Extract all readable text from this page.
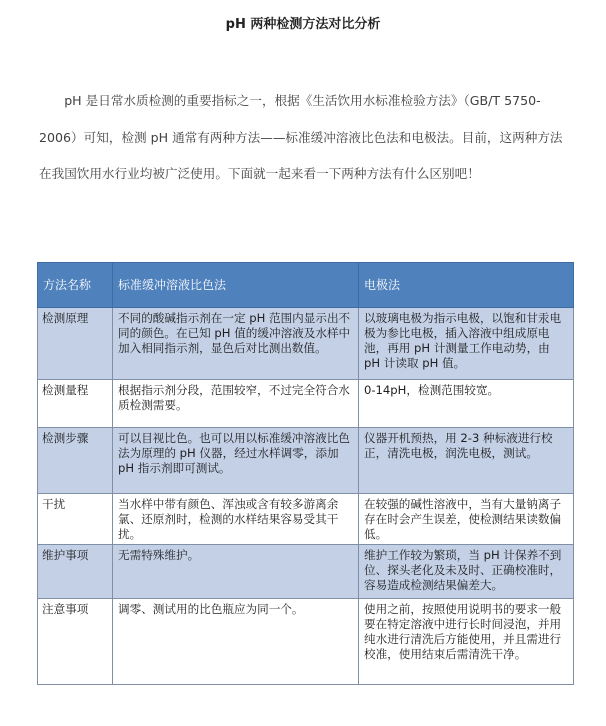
pH 两种检测方法对比分析

pH 是日常水质检测的重要指标之一，根据《生活饮用水标准检验方法》（GB/T 5750-2006）可知，检测 pH 通常有两种方法——标准缓冲溶液比色法和电极法。目前，这两种方法在我国饮用水行业均被广泛使用。下面就一起来看一下两种方法有什么区别吧！

方法名称	标准缓冲溶液比色法	电极法
检测原理	不同的酸碱指示剂在一定 pH 范围内显示出不同的颜色。在已知 pH 值的缓冲溶液及水样中加入相同指示剂，显色后对比测出数值。	以玻璃电极为指示电极，以饱和甘汞电极为参比电极，插入溶液中组成原电池，再用 pH 计测量工作电动势，由 pH 计读取 pH 值。
检测量程	根据指示剂分段，范围较窄，不过完全符合水质检测需要。	0-14pH，检测范围较宽。
检测步骤	可以目视比色。也可以用以标准缓冲溶液比色法为原理的 pH 仪器，经过水样调零，添加 pH 指示剂即可测试。	仪器开机预热，用 2-3 种标液进行校正，清洗电极，润洗电极，测试。
干扰	当水样中带有颜色、浑浊或含有较多游离余氯、还原剂时，检测的水样结果容易受其干扰。	在较强的碱性溶液中，当有大量钠离子存在时会产生误差，使检测结果读数偏低。
维护事项	无需特殊维护。	维护工作较为繁琐，当 pH 计保养不到位、探头老化及未及时、正确校准时，容易造成检测结果偏差大。
注意事项	调零、测试用的比色瓶应为同一个。	使用之前，按照使用说明书的要求一般要在特定溶液中进行长时间浸泡，并用纯水进行清洗后方能使用，并且需进行校准，使用结束后需清洗干净。
